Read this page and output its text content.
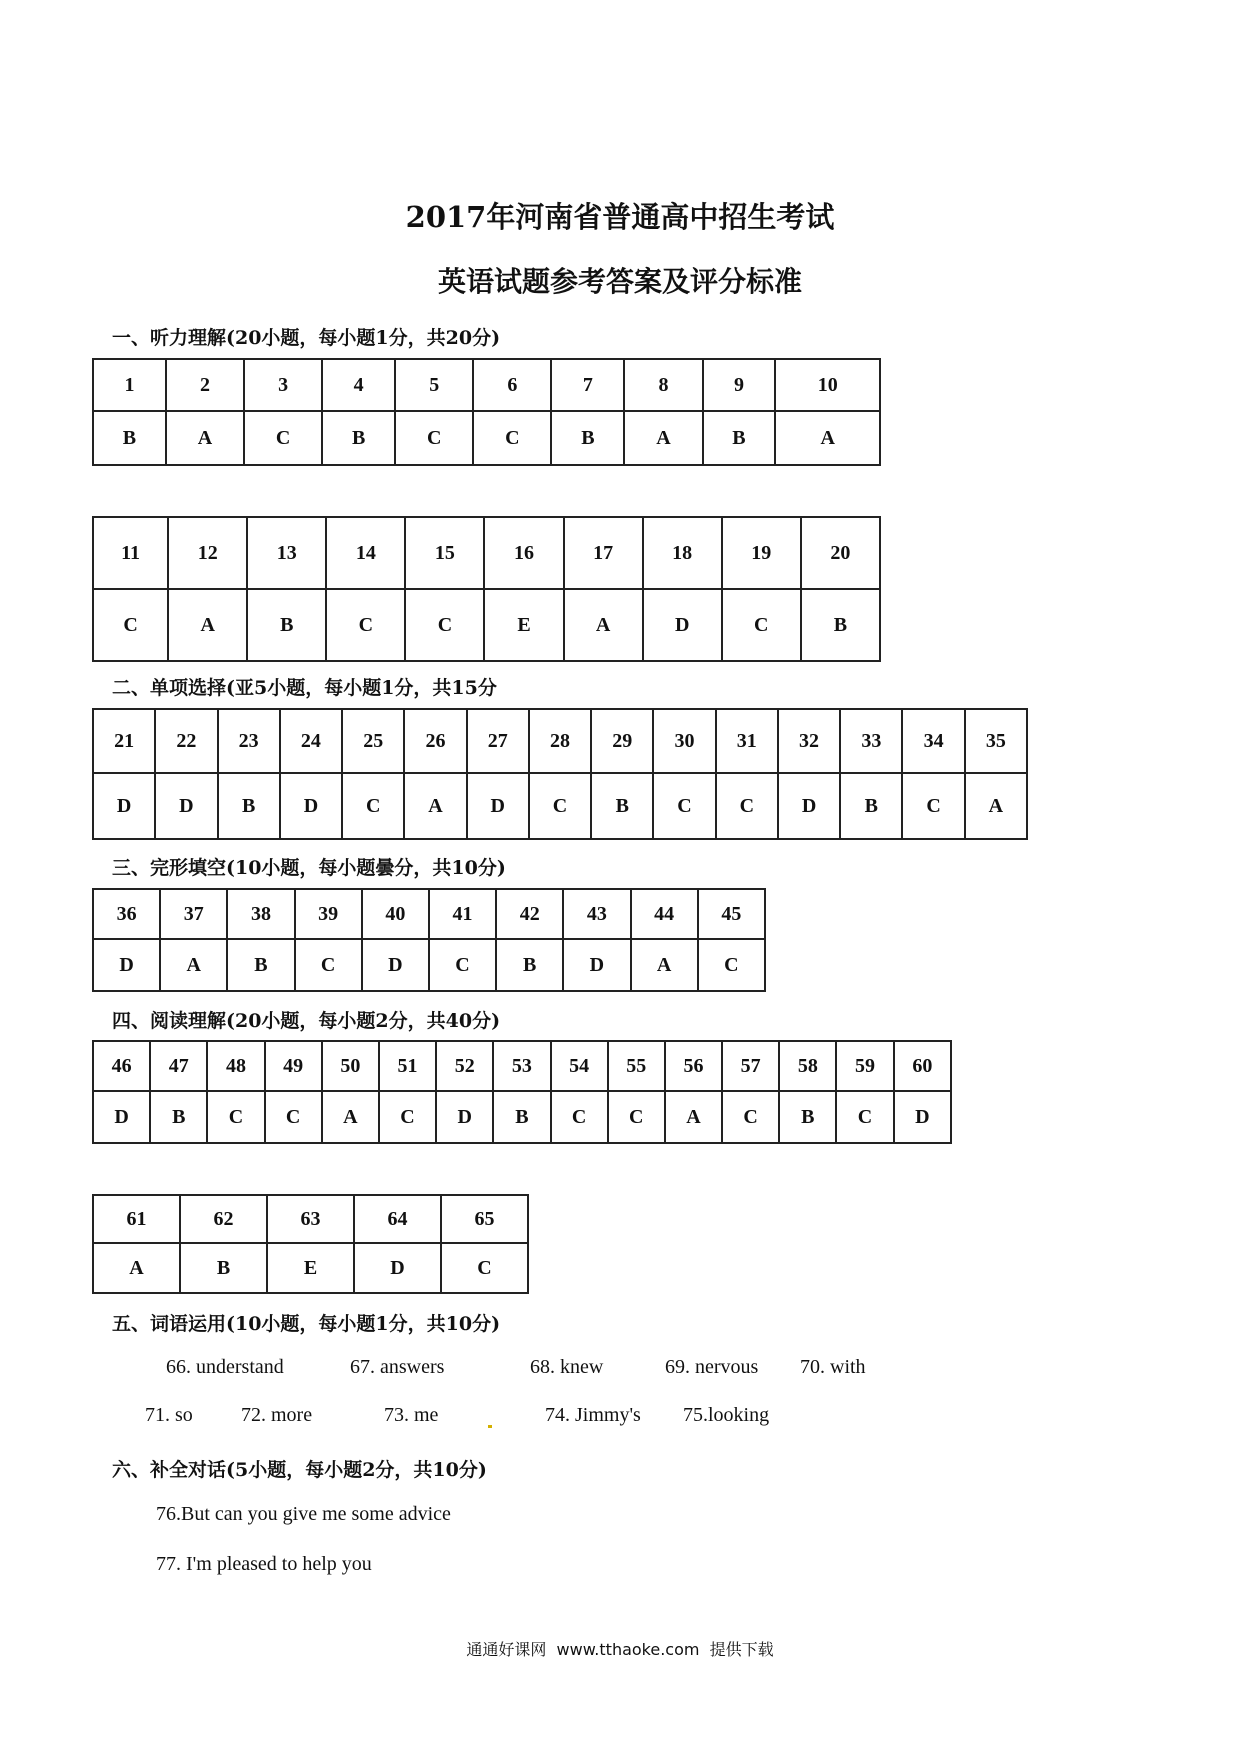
2017年河南省普通高中招生考试
英语试题参考答案及评分标准
一、听力理解(20小题，每小题1分，共20分)
1	2	3	4	5	6	7	8	9	10
B	A	C	B	C	C	B	A	B	A
11	12	13	14	15	16	17	18	19	20
C	A	B	C	C	E	A	D	C	B
二、单项选择(亚5小题，每小题1分，共15分
21	22	23	24	25	26	27	28	29	30	31	32	33	34	35
D	D	B	D	C	A	D	C	B	C	C	D	B	C	A
三、完形填空(10小题，每小题曇分，共10分)
36	37	38	39	40	41	42	43	44	45
D	A	B	C	D	C	B	D	A	C
四、阅读理解(20小题，每小题2分，共40分)
46	47	48	49	50	51	52	53	54	55	56	57	58	59	60
D	B	C	C	A	C	D	B	C	C	A	C	B	C	D
61	62	63	64	65
A	B	E	D	C
五、词语运用(10小题，每小题1分，共10分)
66. understand	67. answers	68. knew	69. nervous 70. with
71. so 72. more	73. me	74. Jimmy's 75.looking
六、补全对话(5小题，每小题2分，共10分)
76.But can you give me some advice
77. I'm pleased to help you
通通好课网  www.tthaoke.com  提供下载
